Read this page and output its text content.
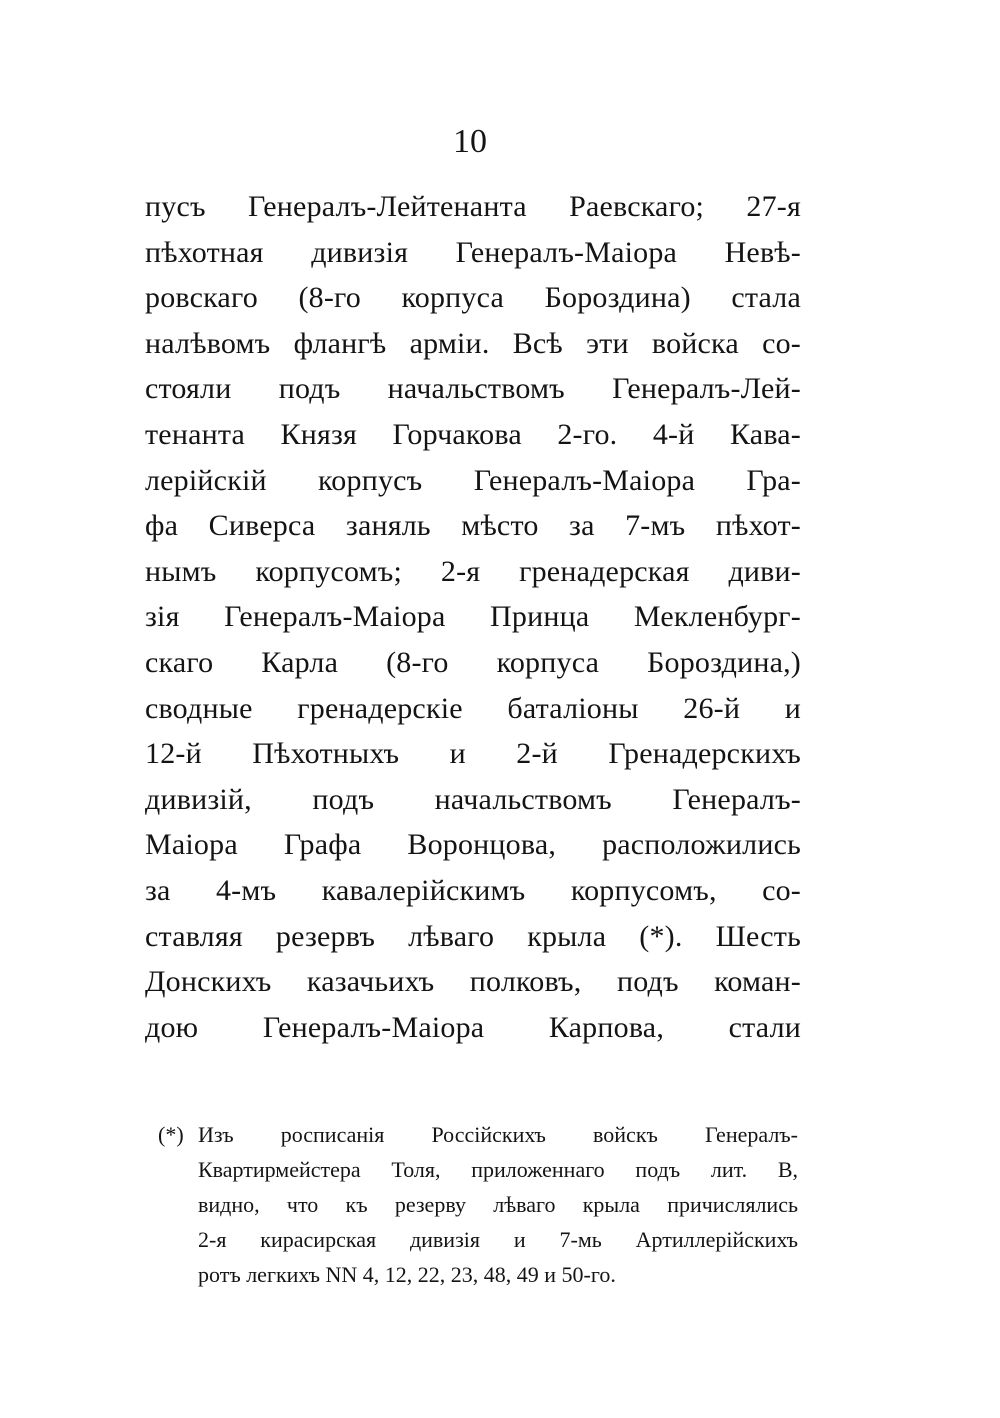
10
пусъ Генералъ-Лейтенанта Раевскаго; 27-я
пѣхотная дивизія Генералъ-Маіора Невѣ-
ровскаго (8-го корпуса Бороздина) стала
налѣвомъ флангѣ арміи. Всѣ эти войска со-
стояли подъ начальствомъ Генералъ-Лей-
тенанта Князя Горчакова 2-го. 4-й Кава-
лерійскій корпусъ Генералъ-Маіора Гра-
фа Сиверса заняль мѣсто за 7-мъ пѣхот-
нымъ корпусомъ; 2-я гренадерская диви-
зія Генералъ-Маіора Принца Мекленбург-
скаго Карла (8-го корпуса Бороздина,)
сводные гренадерскіе баталіоны 26-й и
12-й Пѣхотныхъ и 2-й Гренадерскихъ
дивизій, подъ начальствомъ Генералъ-
Маіора Графа Воронцова, расположились
за 4-мъ кавалерійскимъ корпусомъ, со-
ставляя резервъ лѣваго крыла (*). Шесть
Донскихъ казачьихъ полковъ, подъ коман-
дою Генералъ-Маіора Карпова, стали
(*) Изъ росписанія Россійскихъ войскъ Генералъ-
Квартирмейстера Толя, приложеннаго подъ лит. В,
видно, что къ резерву лѣваго крыла причислялись
2-я кирасирская дивизія и 7-мь Артиллерійскихъ
ротъ легкихъ NN 4, 12, 22, 23, 48, 49 и 50-го.
